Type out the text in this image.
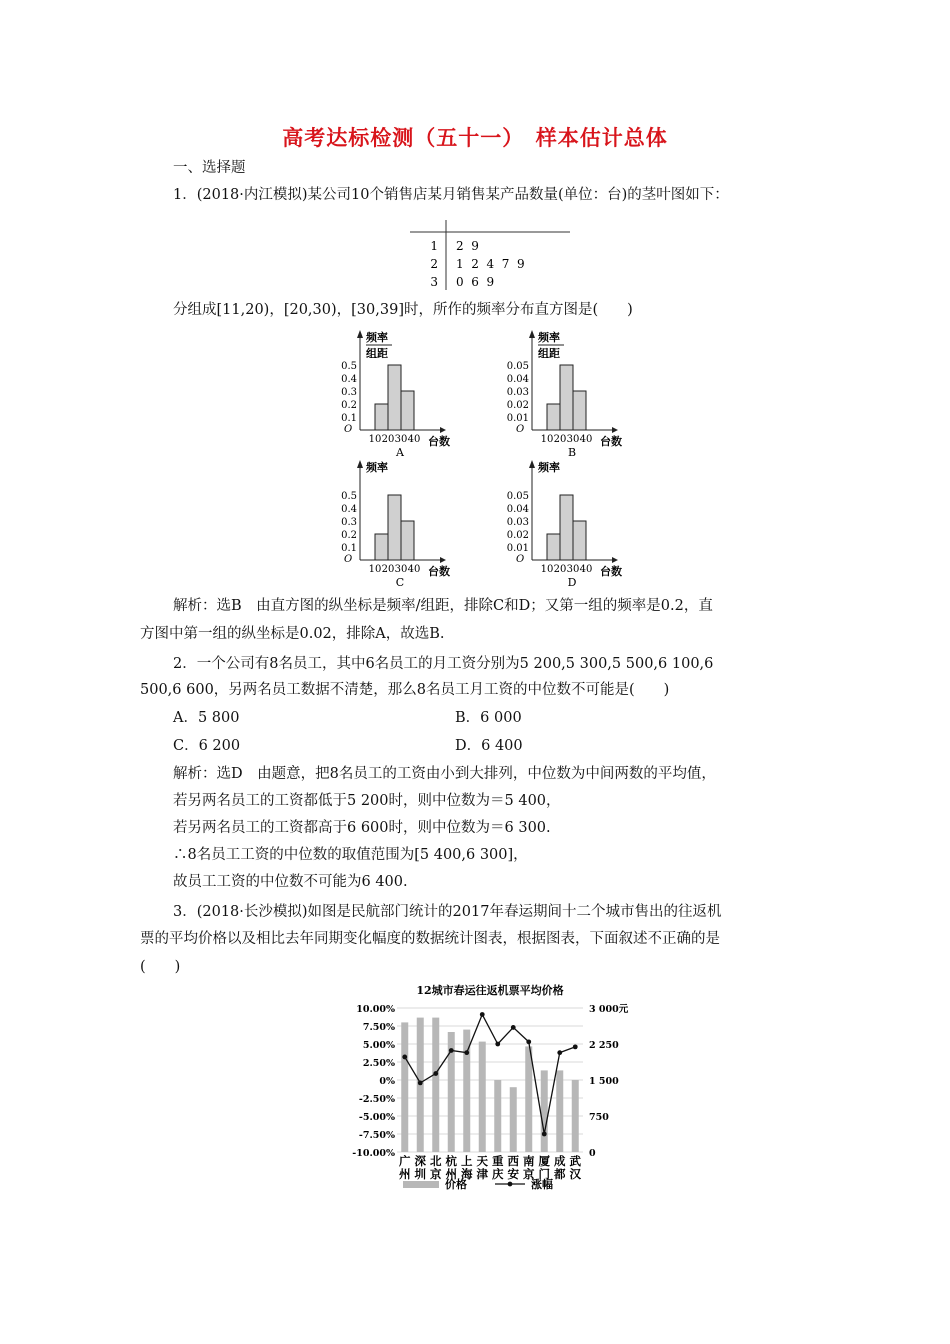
高考达标检测（五十一）　样本估计总体
一、选择题
1．(2018·内江模拟)某公司10个销售店某月销售某产品数量(单位：台)的茎叶图如下：
1 2  9
2 1  2  4  7  9
3 0  6  9
分组成[11,20)，[20,30)，[30,39]时，所作的频率分布直方图是(　　)
频率
组距
0.5
0.4
0.3
0.2
0.1
O
10 20 30 40 台数
A
频率
组距
0.05
0.04
0.03
0.02
0.01
O
10 20 30 40 台数
B
频率
0.5
0.4
0.3
0.2
0.1
O
10 20 30 40 台数
C
频率
0.05
0.04
0.03
0.02
0.01
O
10 20 30 40 台数
D
解析：选B　由直方图的纵坐标是频率/组距，排除C和D；又第一组的频率是0.2，直
方图中第一组的纵坐标是0.02，排除A，故选B.
2．一个公司有8名员工，其中6名员工的月工资分别为5 200,5 300,5 500,6 100,6
500,6 600，另两名员工数据不清楚，那么8名员工月工资的中位数不可能是(　　)
A．5 800	B．6 000
C．6 200	D．6 400
解析：选D　由题意，把8名员工的工资由小到大排列，中位数为中间两数的平均值，
若另两名员工的工资都低于5 200时，则中位数为＝5 400，
若另两名员工的工资都高于6 600时，则中位数为＝6 300.
∴8名员工工资的中位数的取值范围为[5 400,6 300]，
故员工工资的中位数不可能为6 400.
3．(2018·长沙模拟)如图是民航部门统计的2017年春运期间十二个城市售出的往返机
票的平均价格以及相比去年同期变化幅度的数据统计图表，根据图表，下面叙述不正确的是
(　　)
12城市春运往返机票平均价格
10.00%
7.50%
5.00%
2.50%
0%
-2.50%
-5.00%
-7.50%
-10.00%
3 000元
2 250
1 500
750
0
广
州
深
圳
北
京
杭
州
上
海
天
津
重
庆
西
安
南
京
厦
门
成
都
武
汉
价格	涨幅
